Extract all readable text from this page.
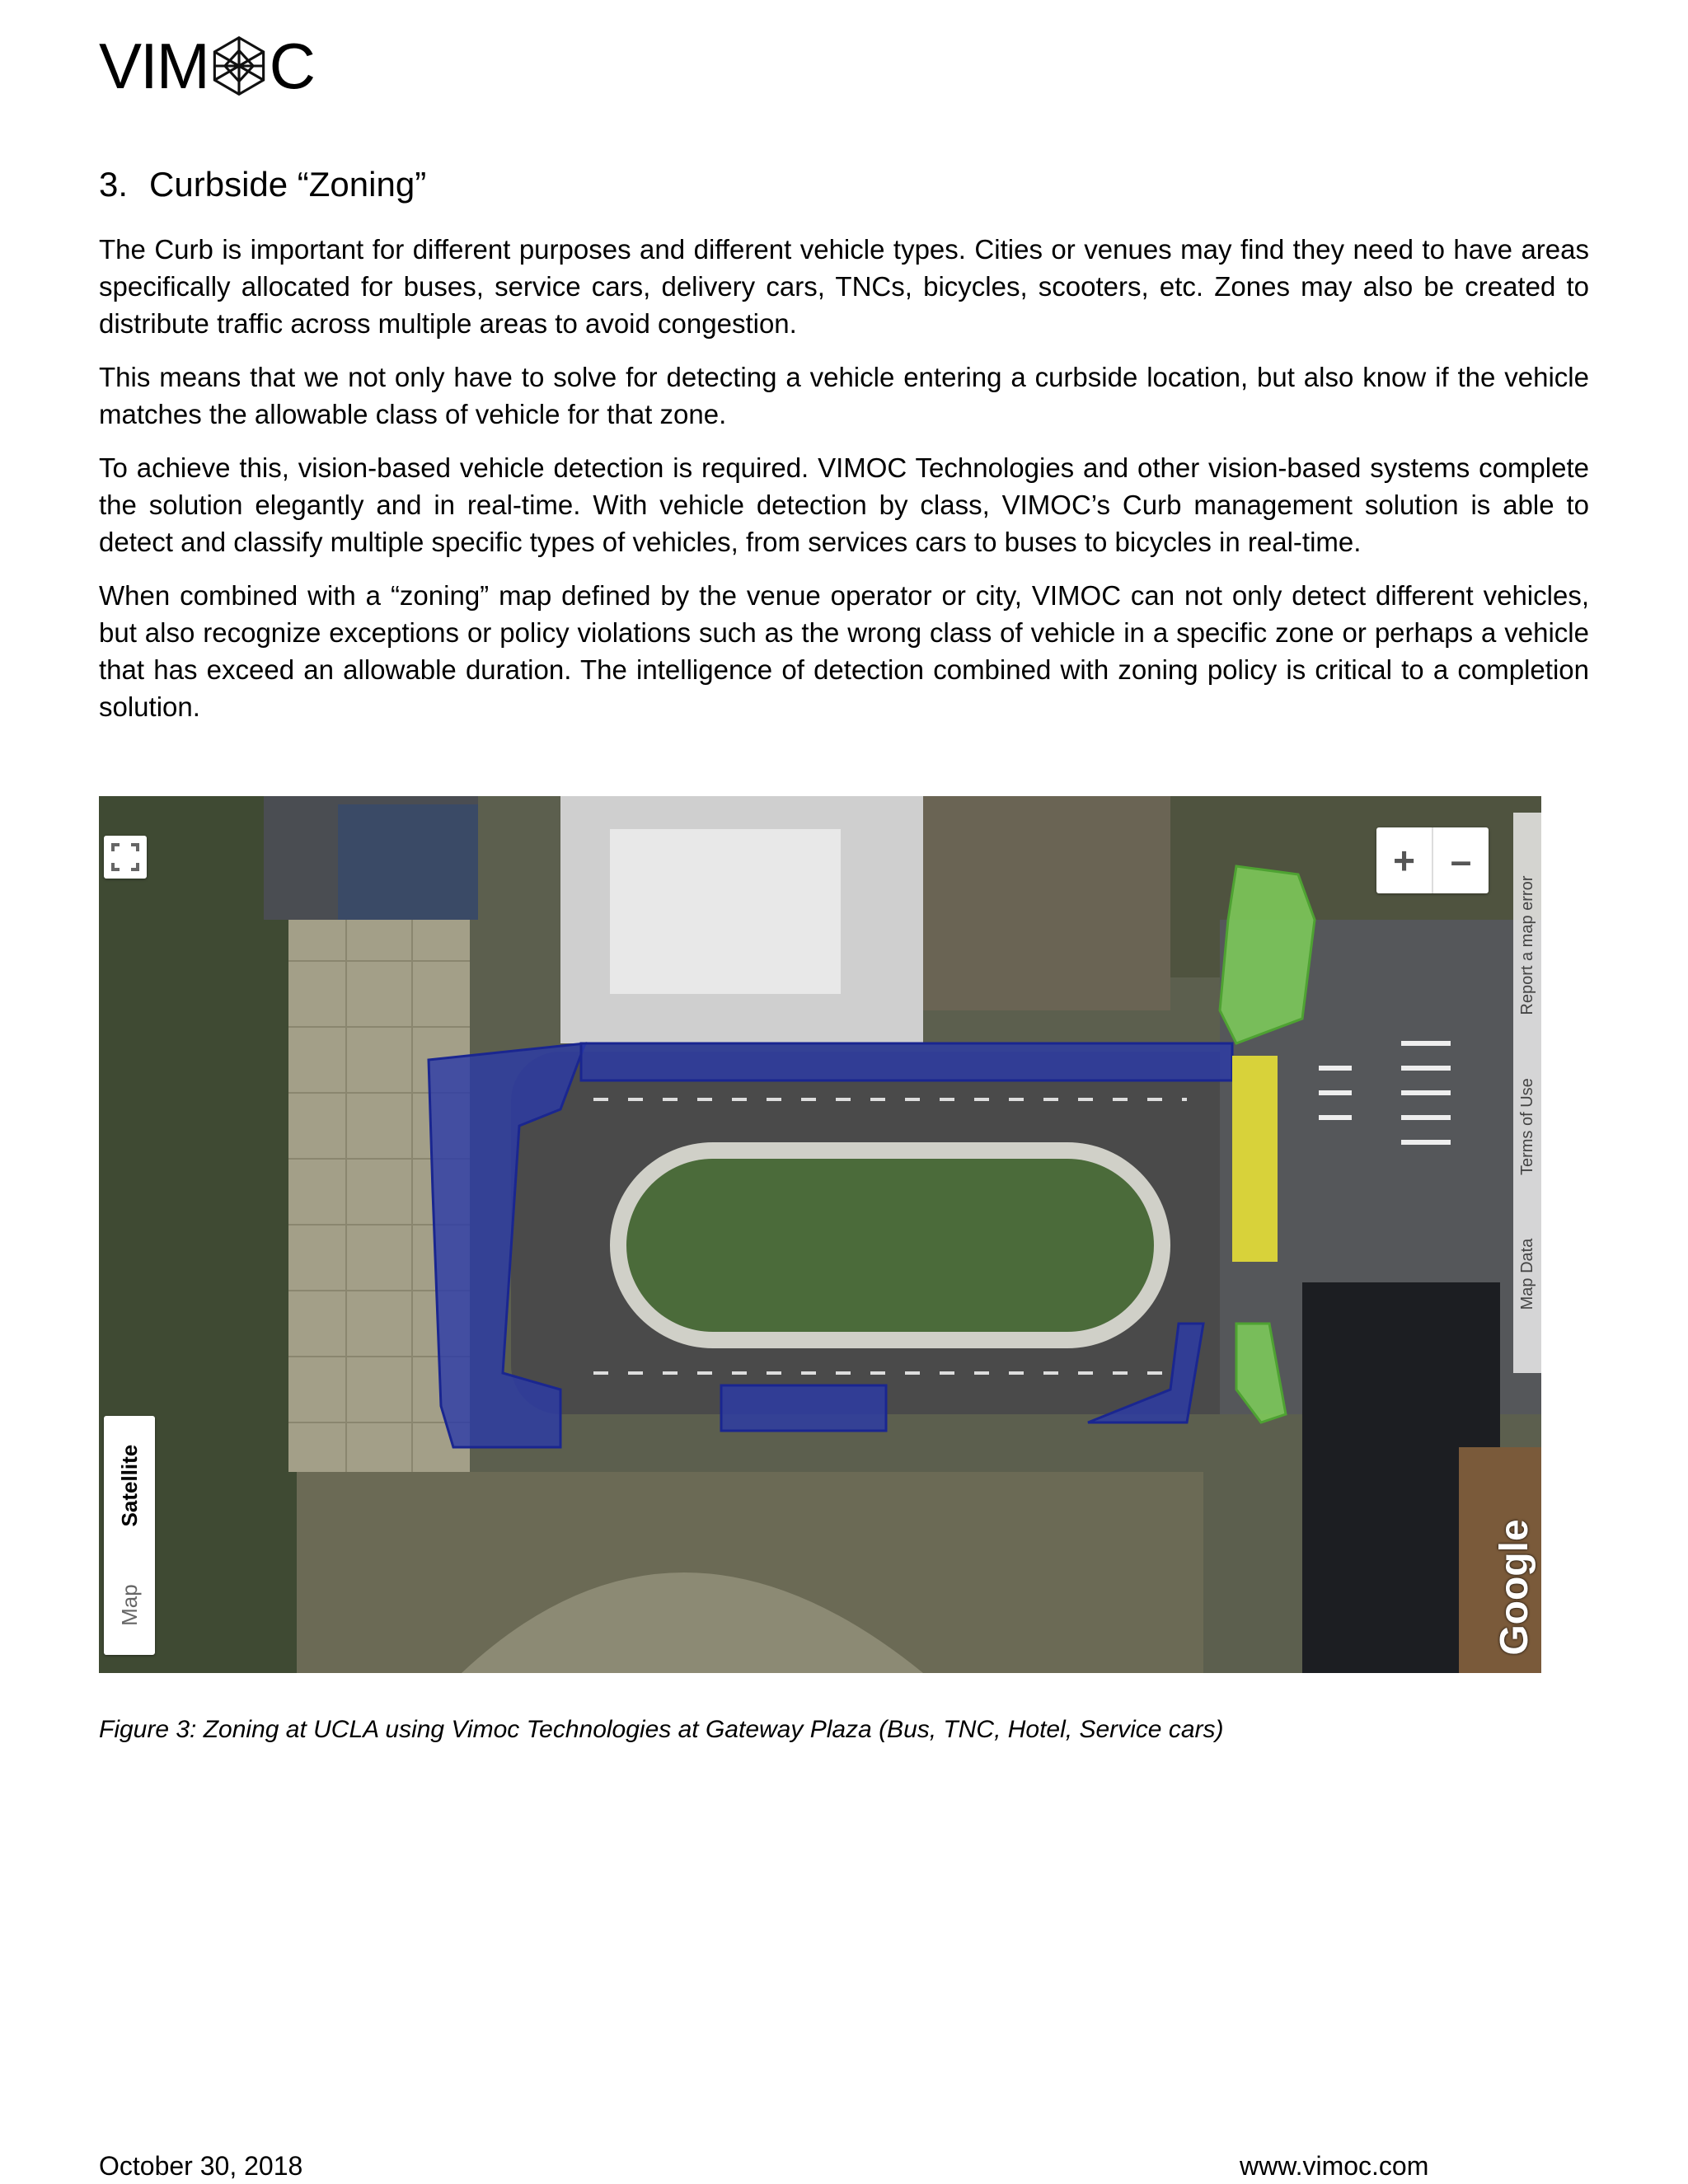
VIM C
3. Curbside “Zoning”

The Curb is important for different purposes and different vehicle types. Cities or venues may find they need to have areas specifically allocated for buses, service cars, delivery cars, TNCs, bicycles, scooters, etc. Zones may also be created to distribute traffic across multiple areas to avoid congestion.

This means that we not only have to solve for detecting a vehicle entering a curbside location, but also know if the vehicle matches the allowable class of vehicle for that zone.

To achieve this, vision-based vehicle detection is required. VIMOC Technologies and other vision-based systems complete the solution elegantly and in real-time. With vehicle detection by class, VIMOC’s Curb management solution is able to detect and classify multiple specific types of vehicles, from services cars to buses to bicycles in real-time.

When combined with a “zoning” map defined by the venue operator or city, VIMOC can not only detect different vehicles, but also recognize exceptions or policy violations such as the wrong class of vehicle in a specific zone or perhaps a vehicle that has exceed an allowable duration. The intelligence of detection combined with zoning policy is critical to a completion solution.

+ –
Map Data
Terms of Use
Report a map error
Map
Satellite
Google
Figure 3: Zoning at UCLA using Vimoc Technologies at Gateway Plaza (Bus, TNC, Hotel, Service cars)
October 30, 2018	www.vimoc.com
